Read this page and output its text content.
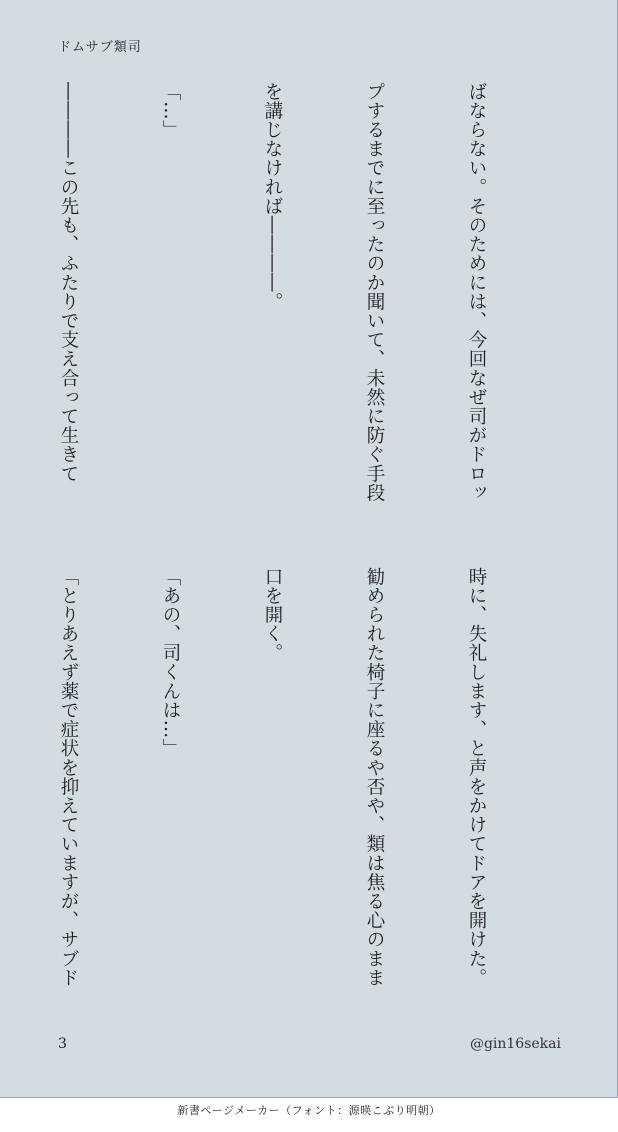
ドムサブ類司

ばならない。そのためには、今回なぜ司がドロッ

プするまでに至ったのか聞いて、未然に防ぐ手段

を講じなければ――――。

「…」

――――この先も、ふたりで支え合って生きて

時に、失礼します、と声をかけてドアを開けた。

勧められた椅子に座るや否や、類は焦る心のまま

口を開く。

「あの、司くんは…」

「とりあえず薬で症状を抑えていますが、サブド

3	@gin16sekai
新書ページメーカー（フォント：源暎こぶり明朝）
